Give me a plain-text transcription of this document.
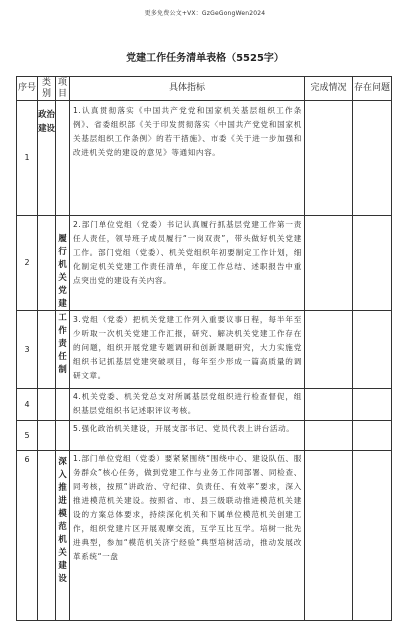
更多免费公文+VX：GzGeGongWen2024
党建工作任务清单表格（5525字）
序号	类别	项目	具体指标	完成情况	存在问题
1	政治建设		1.认真贯彻落实《中国共产党党和国家机关基层组织工作条例》、省委组织部《关于印发贯彻落实〈中国共产党党和国家机关基层组织工作条例〉的若干措施》、市委《关于进一步加强和改进机关党的建设的意见》等通知内容。		
2		履行机关党建	2.部门单位党组（党委）书记认真履行抓基层党建工作第一责任人责任，领导班子成员履行“一岗双责”，带头做好机关党建工作。部门党组（党委）、机关党组织年初要制定工作计划，细化制定机关党建工作责任清单，年度工作总结、述职报告中重点突出党的建设有关内容。		
3		工作责任制	3.党组（党委）把机关党建工作列入重要议事日程，每半年至少听取一次机关党建工作汇报，研究、解决机关党建工作存在的问题，组织开展党建专题调研和创新课题研究，大力实施党组织书记抓基层党建突破项目，每年至少形成一篇高质量的调研文章。		
4			4.机关党委、机关党总支对所属基层党组织进行检查督促，组织基层党组织书记述职评议考核。		
5			5.强化政治机关建设，开展支部书记、党员代表上讲台活动。		
6		深入推进模范机关建设	1.部门单位党组（党委）要紧紧围绕“围绕中心、建设队伍、服务群众”核心任务，做到党建工作与业务工作同部署、同检查、同考核，按照“讲政治、守纪律、负责任、有效率”要求，深入推进模范机关建设。按照省、市、县三级联动推进模范机关建设的方案总体要求，持续深化机关和下属单位模范机关创建工作，组织党建片区开展观摩交流，互学互比互学。培树一批先进典型，参加“模范机关济宁经验”典型培树活动，推动发展改革系统“一盘		
